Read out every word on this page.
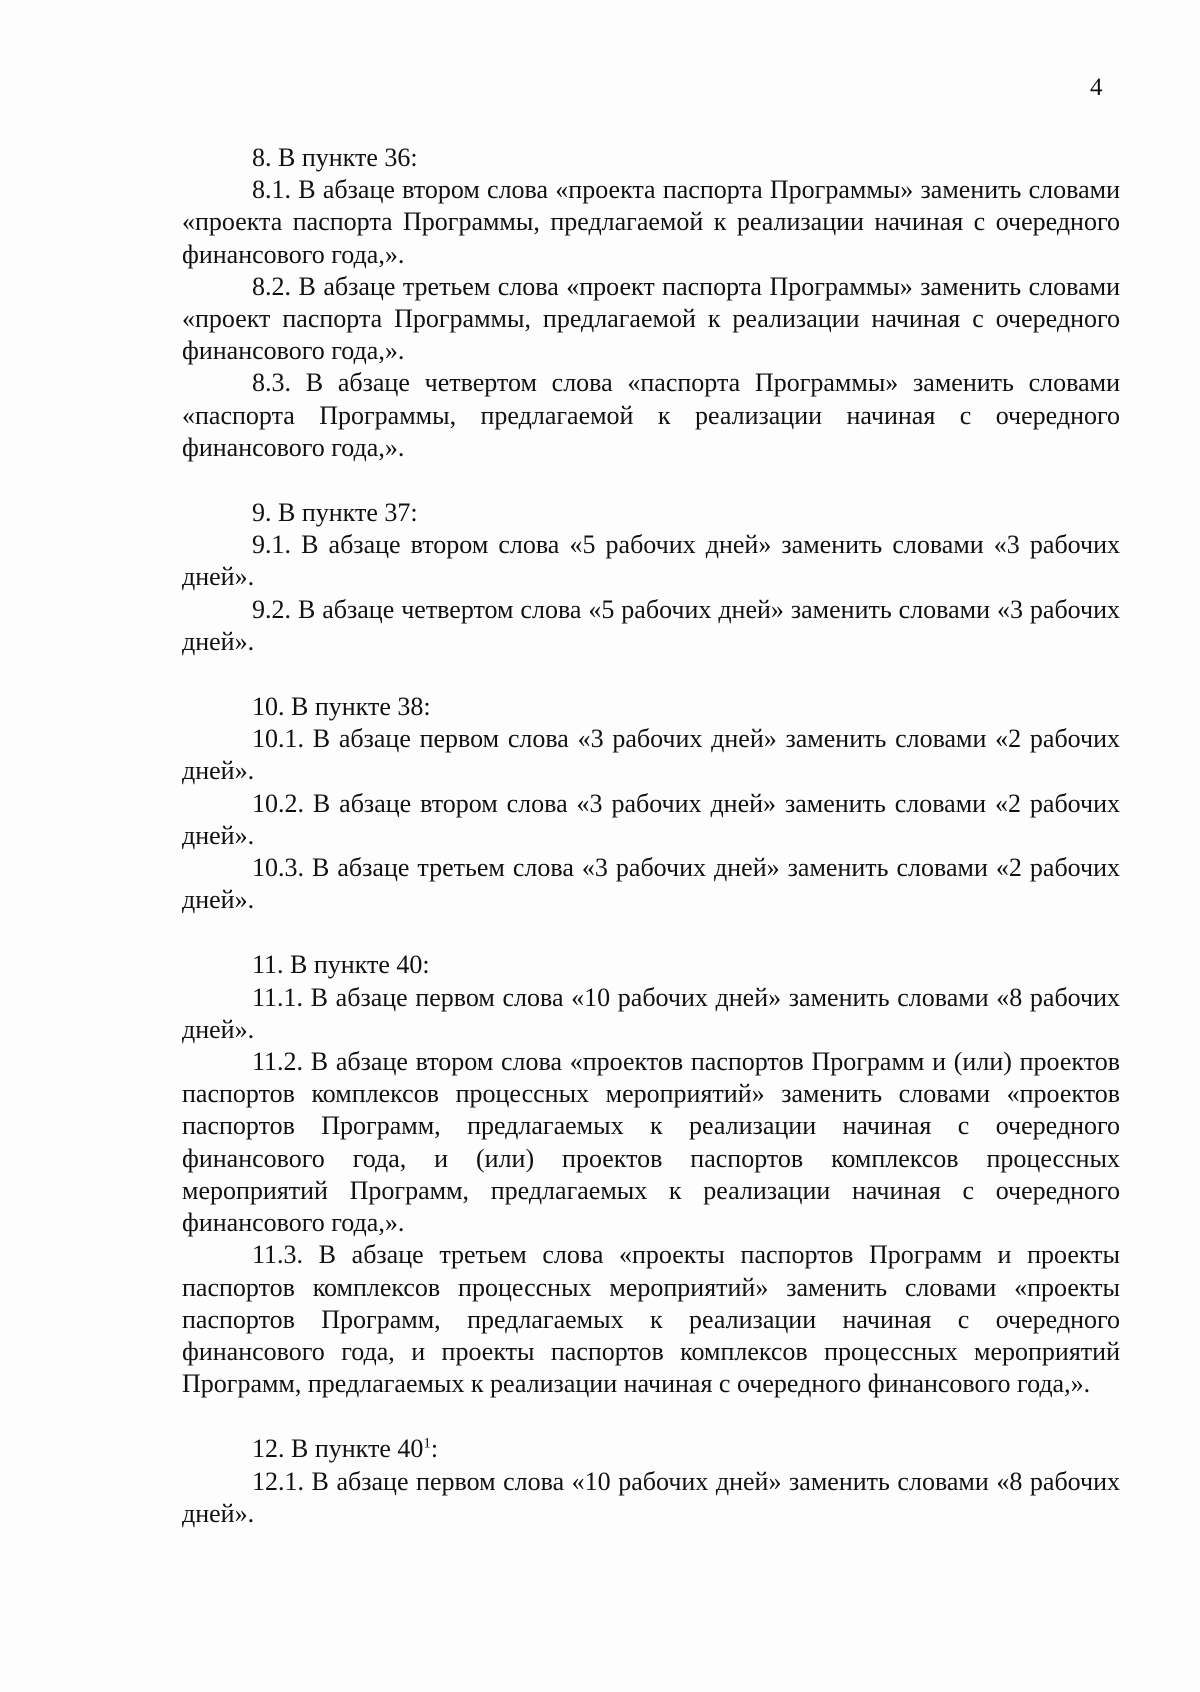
4

8. В пункте 36:

8.1. В абзаце втором слова «проекта паспорта Программы» заменить словами «проекта паспорта Программы, предлагаемой к реализации начиная с очередного финансового года,».

8.2. В абзаце третьем слова «проект паспорта Программы» заменить словами «проект паспорта Программы, предлагаемой к реализации начиная с очередного финансового года,».

8.3. В абзаце четвертом слова «паспорта Программы» заменить словами «паспорта Программы, предлагаемой к реализации начиная с очередного финансового года,».

9. В пункте 37:

9.1. В абзаце втором слова «5 рабочих дней» заменить словами «3 рабочих дней».

9.2. В абзаце четвертом слова «5 рабочих дней» заменить словами «3 рабочих дней».

10. В пункте 38:

10.1. В абзаце первом слова «3 рабочих дней» заменить словами «2 рабочих дней».

10.2. В абзаце втором слова «3 рабочих дней» заменить словами «2 рабочих дней».

10.3. В абзаце третьем слова «3 рабочих дней» заменить словами «2 рабочих дней».

11. В пункте 40:

11.1. В абзаце первом слова «10 рабочих дней» заменить словами «8 рабочих дней».

11.2. В абзаце втором слова «проектов паспортов Программ и (или) проектов паспортов комплексов процессных мероприятий» заменить словами «проектов паспортов Программ, предлагаемых к реализации начиная с очередного финансового года, и (или) проектов паспортов комплексов процессных мероприятий Программ, предлагаемых к реализации начиная с очередного финансового года,».

11.3. В абзаце третьем слова «проекты паспортов Программ и проекты паспортов комплексов процессных мероприятий» заменить словами «проекты паспортов Программ, предлагаемых к реализации начиная с очередного финансового года, и проекты паспортов комплексов процессных мероприятий Программ, предлагаемых к реализации начиная с очередного финансового года,».

12. В пункте $40^1$:

12.1. В абзаце первом слова «10 рабочих дней» заменить словами «8 рабочих дней».
